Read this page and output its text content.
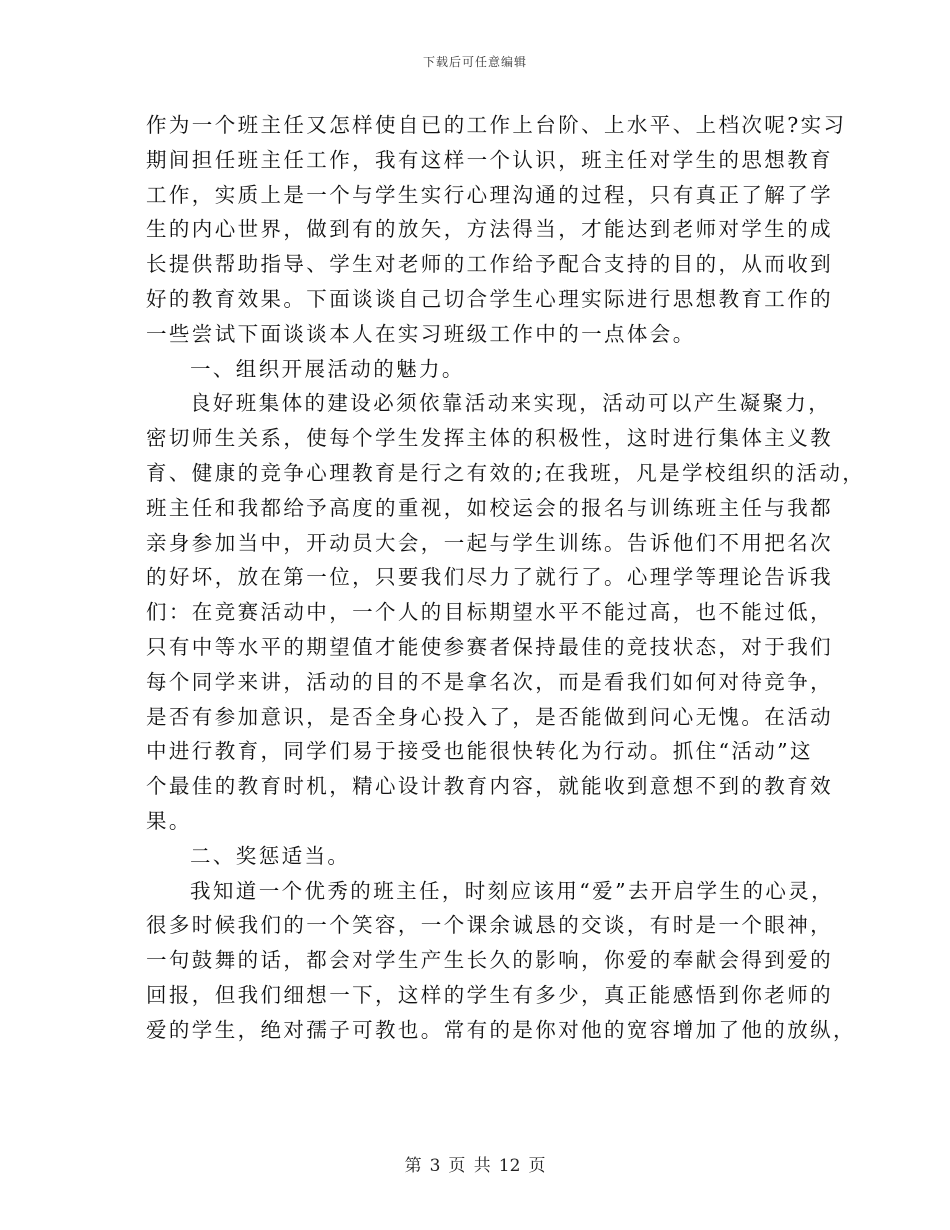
下载后可任意编辑
作为一个班主任又怎样使自已的工作上台阶、上水平、上档次呢?实习
期间担任班主任工作，我有这样一个认识，班主任对学生的思想教育
工作，实质上是一个与学生实行心理沟通的过程，只有真正了解了学
生的内心世界，做到有的放矢，方法得当，才能达到老师对学生的成
长提供帮助指导、学生对老师的工作给予配合支持的目的，从而收到
好的教育效果。下面谈谈自己切合学生心理实际进行思想教育工作的
一些尝试下面谈谈本人在实习班级工作中的一点体会。
一、组织开展活动的魅力。
良好班集体的建设必须依靠活动来实现，活动可以产生凝聚力，
密切师生关系，使每个学生发挥主体的积极性，这时进行集体主义教
育、健康的竞争心理教育是行之有效的;在我班，凡是学校组织的活动，
班主任和我都给予高度的重视，如校运会的报名与训练班主任与我都
亲身参加当中，开动员大会，一起与学生训练。告诉他们不用把名次
的好坏，放在第一位，只要我们尽力了就行了。心理学等理论告诉我
们：在竞赛活动中，一个人的目标期望水平不能过高，也不能过低，
只有中等水平的期望值才能使参赛者保持最佳的竞技状态，对于我们
每个同学来讲，活动的目的不是拿名次，而是看我们如何对待竞争，
是否有参加意识，是否全身心投入了，是否能做到问心无愧。在活动
中进行教育，同学们易于接受也能很快转化为行动。抓住“活动”这
个最佳的教育时机，精心设计教育内容，就能收到意想不到的教育效
果。
二、奖惩适当。
我知道一个优秀的班主任，时刻应该用“爱”去开启学生的心灵，
很多时候我们的一个笑容，一个课余诚恳的交谈，有时是一个眼神，
一句鼓舞的话，都会对学生产生长久的影响，你爱的奉献会得到爱的
回报，但我们细想一下，这样的学生有多少，真正能感悟到你老师的
爱的学生，绝对孺子可教也。常有的是你对他的宽容增加了他的放纵，
第 3 页 共 12 页
